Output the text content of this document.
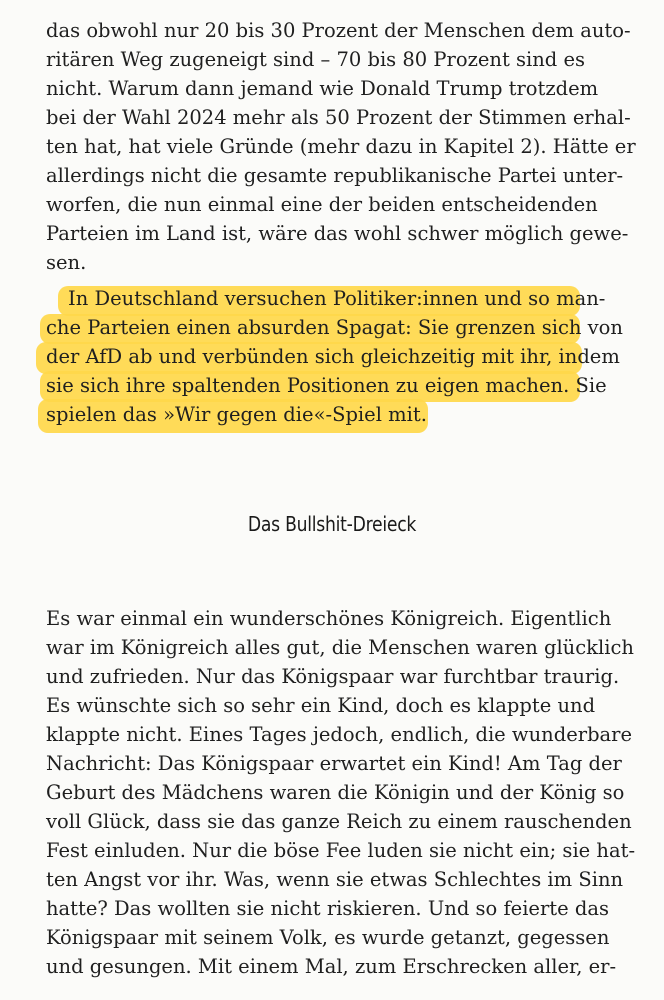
das obwohl nur 20 bis 30 Prozent der Menschen dem auto-
ritären Weg zugeneigt sind – 70 bis 80 Prozent sind es
nicht. Warum dann jemand wie Donald Trump trotzdem
bei der Wahl 2024 mehr als 50 Prozent der Stimmen erhal-
ten hat, hat viele Gründe (mehr dazu in Kapitel 2). Hätte er
allerdings nicht die gesamte republikanische Partei unter-
worfen, die nun einmal eine der beiden entscheidenden
Parteien im Land ist, wäre das wohl schwer möglich gewe-
sen.
In Deutschland versuchen Politiker:innen und so man-
che Parteien einen absurden Spagat: Sie grenzen sich von
der AfD ab und verbünden sich gleichzeitig mit ihr, indem
sie sich ihre spaltenden Positionen zu eigen machen. Sie
spielen das »Wir gegen die«-Spiel mit.
Das Bullshit-Dreieck
Es war einmal ein wunderschönes Königreich. Eigentlich
war im Königreich alles gut, die Menschen waren glücklich
und zufrieden. Nur das Königspaar war furchtbar traurig.
Es wünschte sich so sehr ein Kind, doch es klappte und
klappte nicht. Eines Tages jedoch, endlich, die wunderbare
Nachricht: Das Königspaar erwartet ein Kind! Am Tag der
Geburt des Mädchens waren die Königin und der König so
voll Glück, dass sie das ganze Reich zu einem rauschenden
Fest einluden. Nur die böse Fee luden sie nicht ein; sie hat-
ten Angst vor ihr. Was, wenn sie etwas Schlechtes im Sinn
hatte? Das wollten sie nicht riskieren. Und so feierte das
Königspaar mit seinem Volk, es wurde getanzt, gegessen
und gesungen. Mit einem Mal, zum Erschrecken aller, er-
